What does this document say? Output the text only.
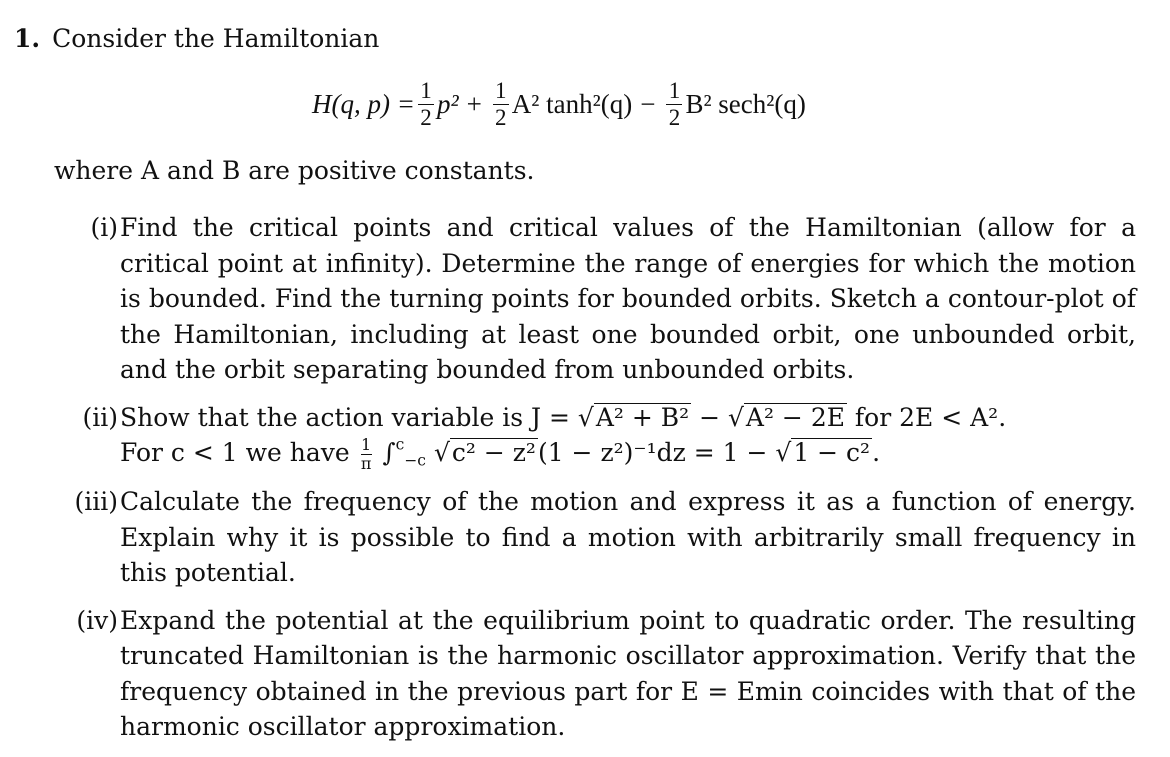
1. Consider the Hamiltonian
H(q, $p) = \frac{1}{2} p^2 + \frac{1}{2} A^2$ $\tanh^2(q) - \frac{1}{2} B^2$ sech²(q)
where A and B are positive constants.
(i) Find the critical points and critical values of the Hamiltonian (allow for a critical point at infinity). Determine the range of energies for which the motion is bounded. Find the turning points for bounded orbits. Sketch a contour-plot of the Hamiltonian, including at least one bounded orbit, one unbounded orbit, and the orbit separating bounded from unbounded orbits.
(ii) Show that the action variable is J = √A² + B² − √A² − 2E for 2E < A².
For c < 1 we have $\frac{1}{\pi} \int^c_{-c}$ √c² − z²(1 − z²)⁻¹dz = 1 − √1 − c².
(iii) Calculate the frequency of the motion and express it as a function of energy. Explain why it is possible to find a motion with arbitrarily small frequency in this potential.
(iv) Expand the potential at the equilibrium point to quadratic order. The resulting truncated Hamiltonian is the harmonic oscillator approximation. Verify that the frequency obtained in the previous part for E = Emin coincides with that of the harmonic oscillator approximation.
